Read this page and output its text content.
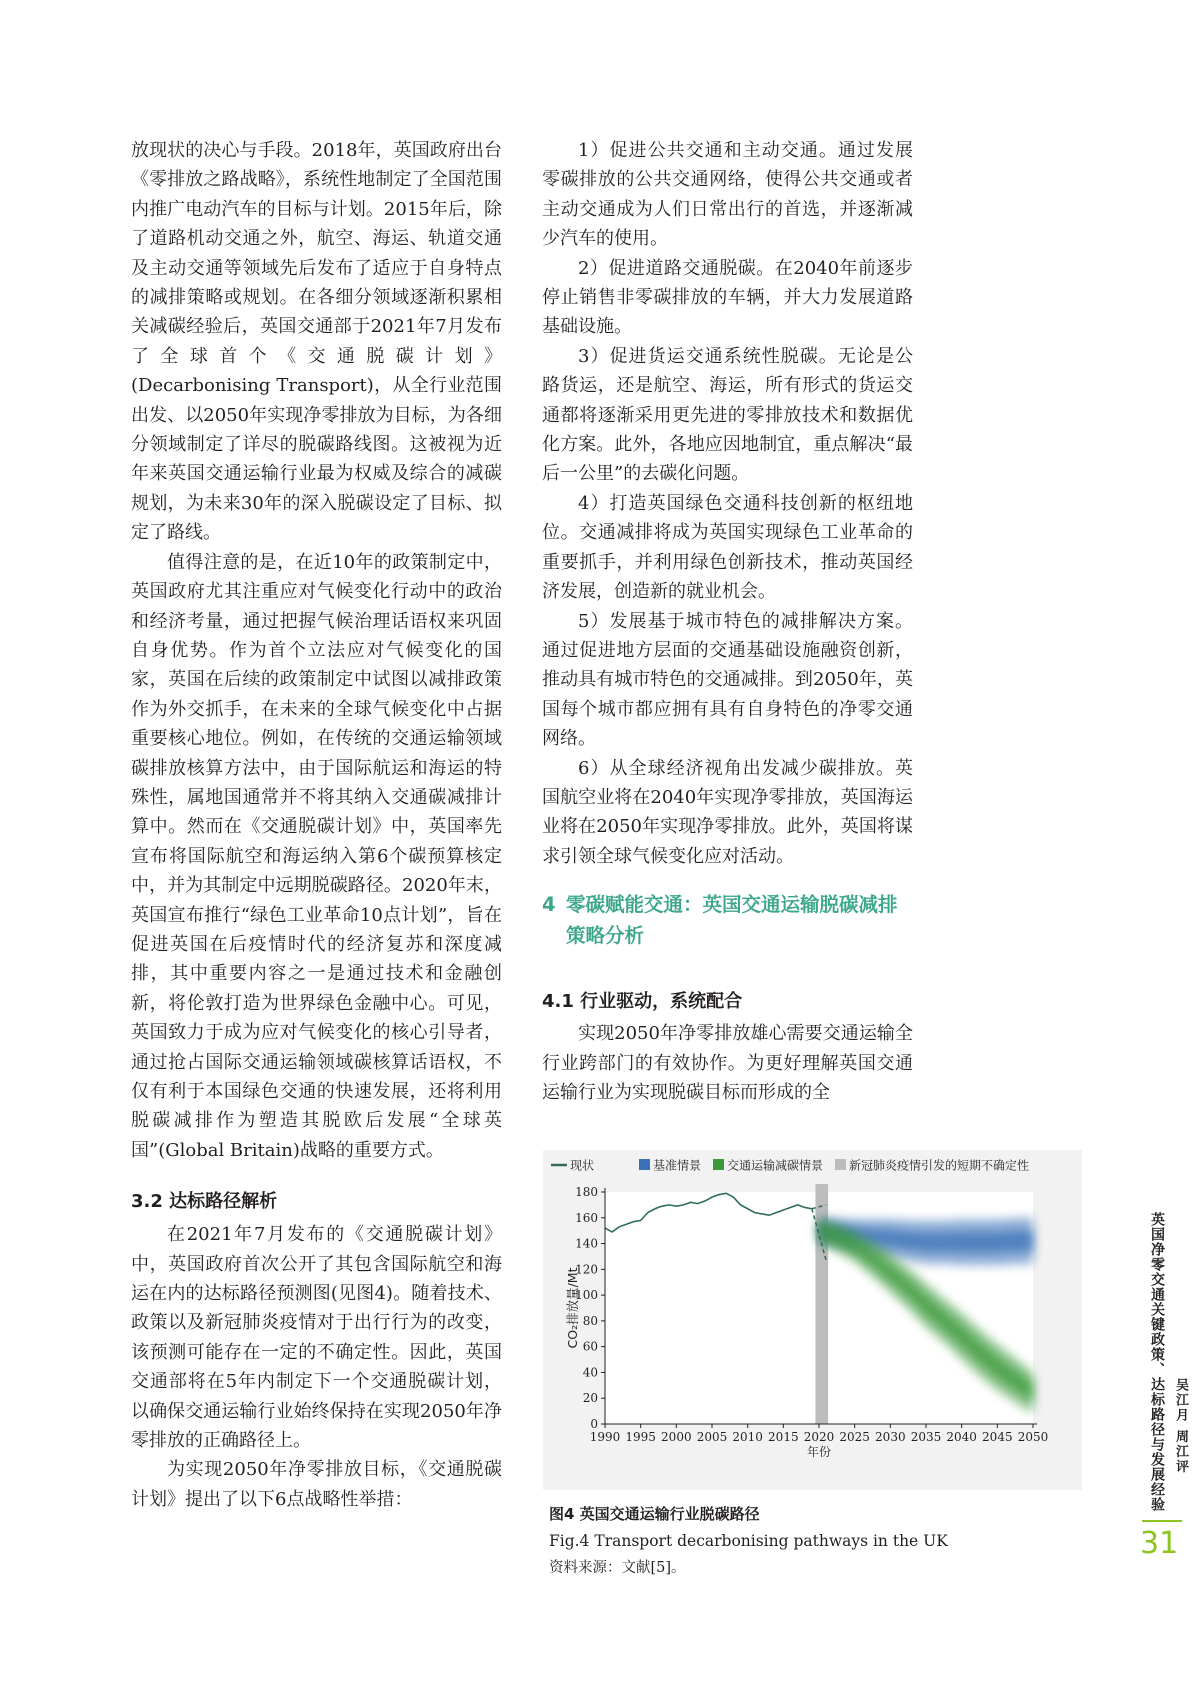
放现状的决心与手段。2018年，英国政府出台《零排放之路战略》，系统性地制定了全国范围内推广电动汽车的目标与计划。2015年后，除了道路机动交通之外，航空、海运、轨道交通及主动交通等领域先后发布了适应于自身特点的减排策略或规划。在各细分领域逐渐积累相关减碳经验后，英国交通部于2021年7月发布了全球首个《交通脱碳计划》(Decarbonising Transport)，从全行业范围出发、以2050年实现净零排放为目标，为各细分领域制定了详尽的脱碳路线图。这被视为近年来英国交通运输行业最为权威及综合的减碳规划，为未来30年的深入脱碳设定了目标、拟定了路线。

值得注意的是，在近10年的政策制定中，英国政府尤其注重应对气候变化行动中的政治和经济考量，通过把握气候治理话语权来巩固自身优势。作为首个立法应对气候变化的国家，英国在后续的政策制定中试图以减排政策作为外交抓手，在未来的全球气候变化中占据重要核心地位。例如，在传统的交通运输领域碳排放核算方法中，由于国际航运和海运的特殊性，属地国通常并不将其纳入交通碳减排计算中。然而在《交通脱碳计划》中，英国率先宣布将国际航空和海运纳入第6个碳预算核定中，并为其制定中远期脱碳路径。2020年末，英国宣布推行“绿色工业革命10点计划”，旨在促进英国在后疫情时代的经济复苏和深度减排，其中重要内容之一是通过技术和金融创新，将伦敦打造为世界绿色金融中心。可见，英国致力于成为应对气候变化的核心引导者，通过抢占国际交通运输领域碳核算话语权，不仅有利于本国绿色交通的快速发展，还将利用脱碳减排作为塑造其脱欧后发展“全球英国”(Global Britain)战略的重要方式。

3.2 达标路径解析

在2021年7月发布的《交通脱碳计划》中，英国政府首次公开了其包含国际航空和海运在内的达标路径预测图(见图4)。随着技术、政策以及新冠肺炎疫情对于出行行为的改变，该预测可能存在一定的不确定性。因此，英国交通部将在5年内制定下一个交通脱碳计划，以确保交通运输行业始终保持在实现2050年净零排放的正确路径上。

为实现2050年净零排放目标，《交通脱碳计划》提出了以下6点战略性举措：

1）促进公共交通和主动交通。通过发展零碳排放的公共交通网络，使得公共交通或者主动交通成为人们日常出行的首选，并逐渐减少汽车的使用。

2）促进道路交通脱碳。在2040年前逐步停止销售非零碳排放的车辆，并大力发展道路基础设施。

3）促进货运交通系统性脱碳。无论是公路货运，还是航空、海运，所有形式的货运交通都将逐渐采用更先进的零排放技术和数据优化方案。此外，各地应因地制宜，重点解决“最后一公里”的去碳化问题。

4）打造英国绿色交通科技创新的枢纽地位。交通减排将成为英国实现绿色工业革命的重要抓手，并利用绿色创新技术，推动英国经济发展，创造新的就业机会。

5）发展基于城市特色的减排解决方案。通过促进地方层面的交通基础设施融资创新，推动具有城市特色的交通减排。到2050年，英国每个城市都应拥有具有自身特色的净零交通网络。

6）从全球经济视角出发减少碳排放。英国航空业将在2040年实现净零排放，英国海运业将在2050年实现净零排放。此外，英国将谋求引领全球气候变化应对活动。

4 零碳赋能交通：英国交通运输脱碳减排策略分析
4.1 行业驱动，系统配合

实现2050年净零排放雄心需要交通运输全行业跨部门的有效协作。为更好理解英国交通运输行业为实现脱碳目标而形成的全

0
20
40
60
80
100
120
140
160
180
1990 1995 2000 2005 2010 2015 2020 2025 2030 2035 2040 2045 2050
年份
CO₂排放量/Mt
现状	基准情景 交通运输减碳情景 新冠肺炎疫情引发的短期不确定性
图4 英国交通运输行业脱碳路径
Fig.4 Transport decarbonising pathways in the UK
资料来源：文献[5]。
英国净零交通关键政策、达标路径与发展经验 吴江月 周江评
31
